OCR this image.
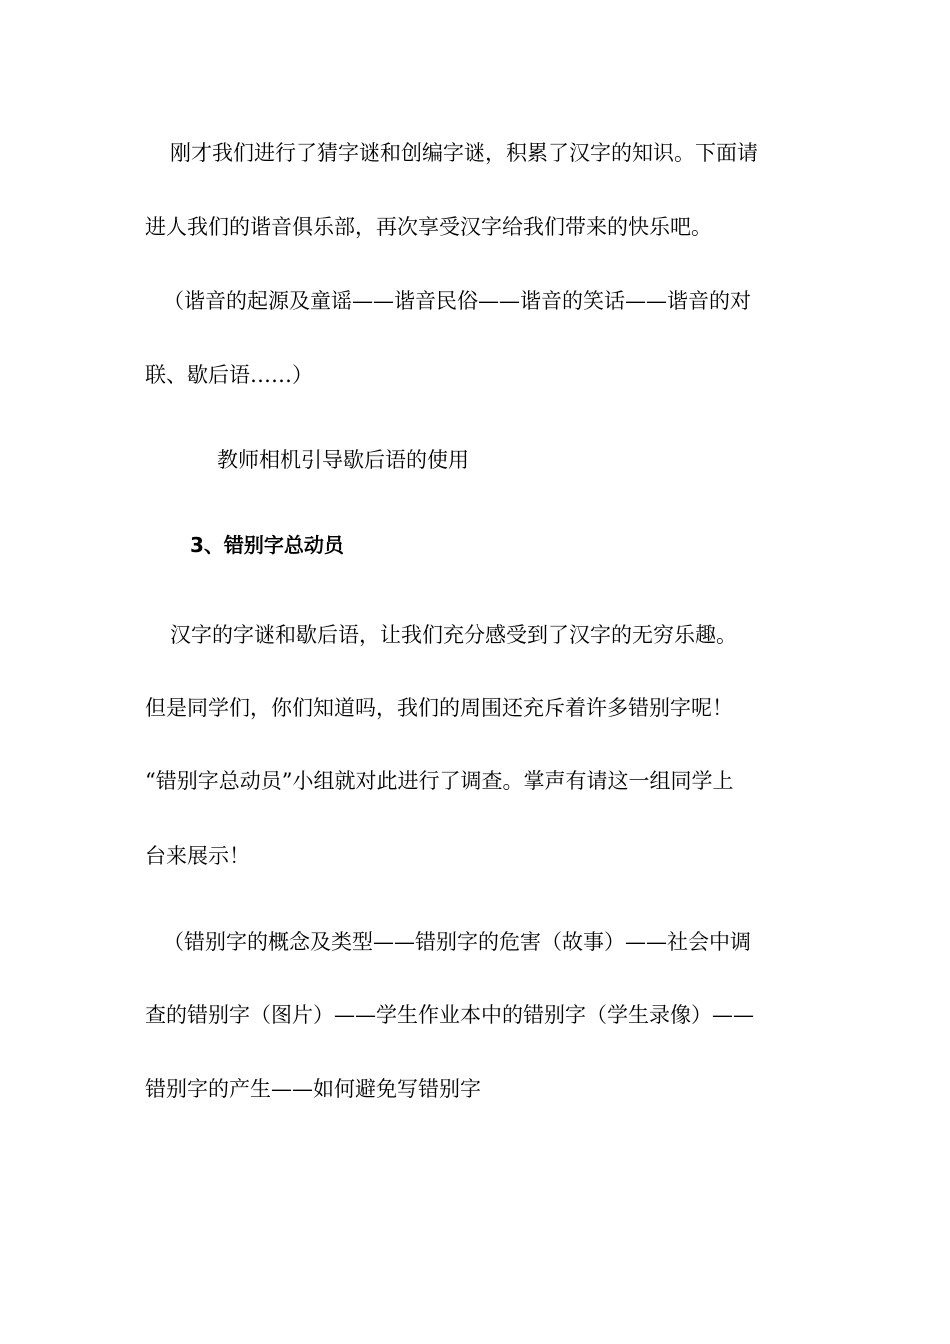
刚才我们进行了猜字谜和创编字谜，积累了汉字的知识。下面请
进人我们的谐音俱乐部，再次享受汉字给我们带来的快乐吧。
（谐音的起源及童谣——谐音民俗——谐音的笑话——谐音的对
联、歇后语……）
教师相机引导歇后语的使用
3、错别字总动员
汉字的字谜和歇后语，让我们充分感受到了汉字的无穷乐趣。
但是同学们，你们知道吗，我们的周围还充斥着许多错别字呢！
“错别字总动员”小组就对此进行了调查。掌声有请这一组同学上
台来展示！
（错别字的概念及类型——错别字的危害（故事）——社会中调
查的错别字（图片）——学生作业本中的错别字（学生录像）——
错别字的产生——如何避免写错别字
